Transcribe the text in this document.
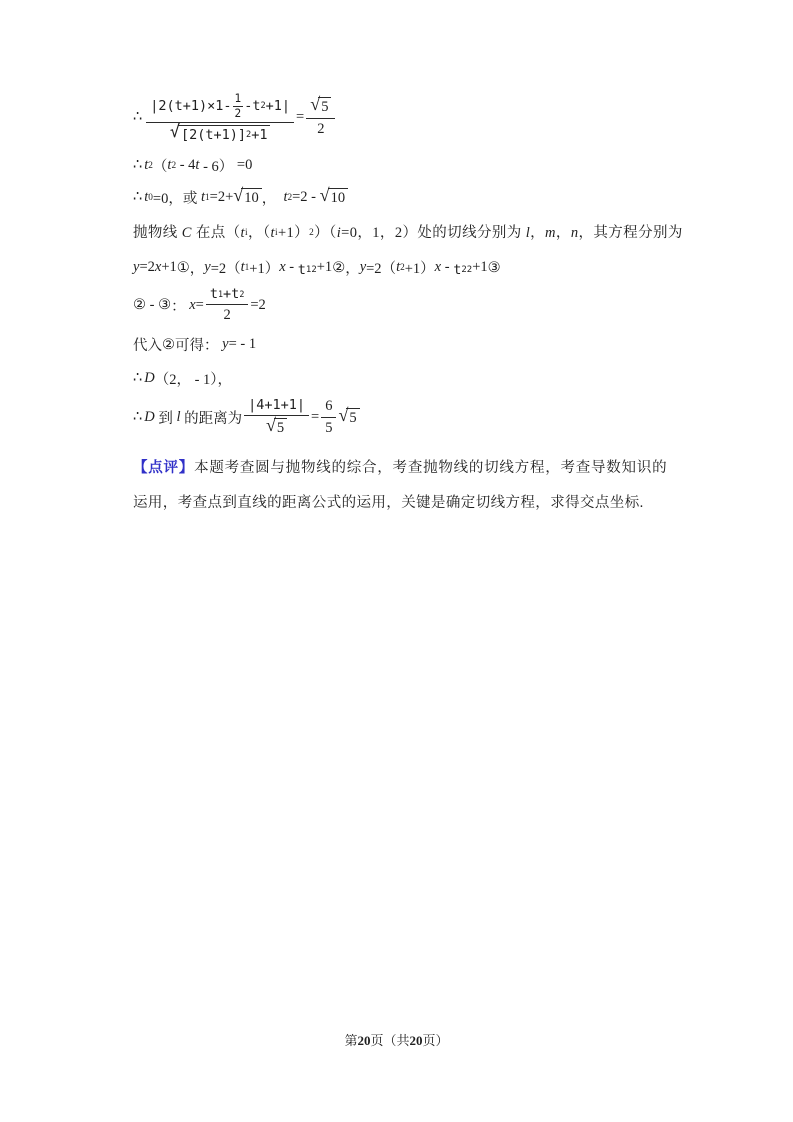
∴
$|2(t+1)\times 1- \frac{1}{2} -t$ 2 +1|
√ [2(t+1)] 2 +1
= $\frac{√ 5}{2}$
∴ t 2 （ t 2 - 4 t - 6） =0
∴ t 0 =0，或 t 1 =2+ √ 10 ， t 2 =2 - √ 10
抛物线 C 在点（ t i ，（ t i +1） 2 ）（ i =0，1，2）处的切线分别为 l ， m ， n ，其方程分别为
y =2 x +1 ① ， y =2（ t 1 +1） $x - t_1^2 +1$ ② ， y =2（ t 2 +1） $x - t_2^2 +1$ ③
② - ③ ： $x = \frac{t 1 + t 2}{2} =2$
代入 ② 可得： y = - 1
∴ D （2， - 1），
∴ D 到 l 的距离为 $\frac{|4+1+1|}{√ 5} = \frac{6}{5}$ √ 5
【点评】本题考查圆与抛物线的综合，考查抛物线的切线方程，考查导数知识的运用，考查点到直线的距离公式的运用，关键是确定切线方程，求得交点坐标.
第20页（共20页）
